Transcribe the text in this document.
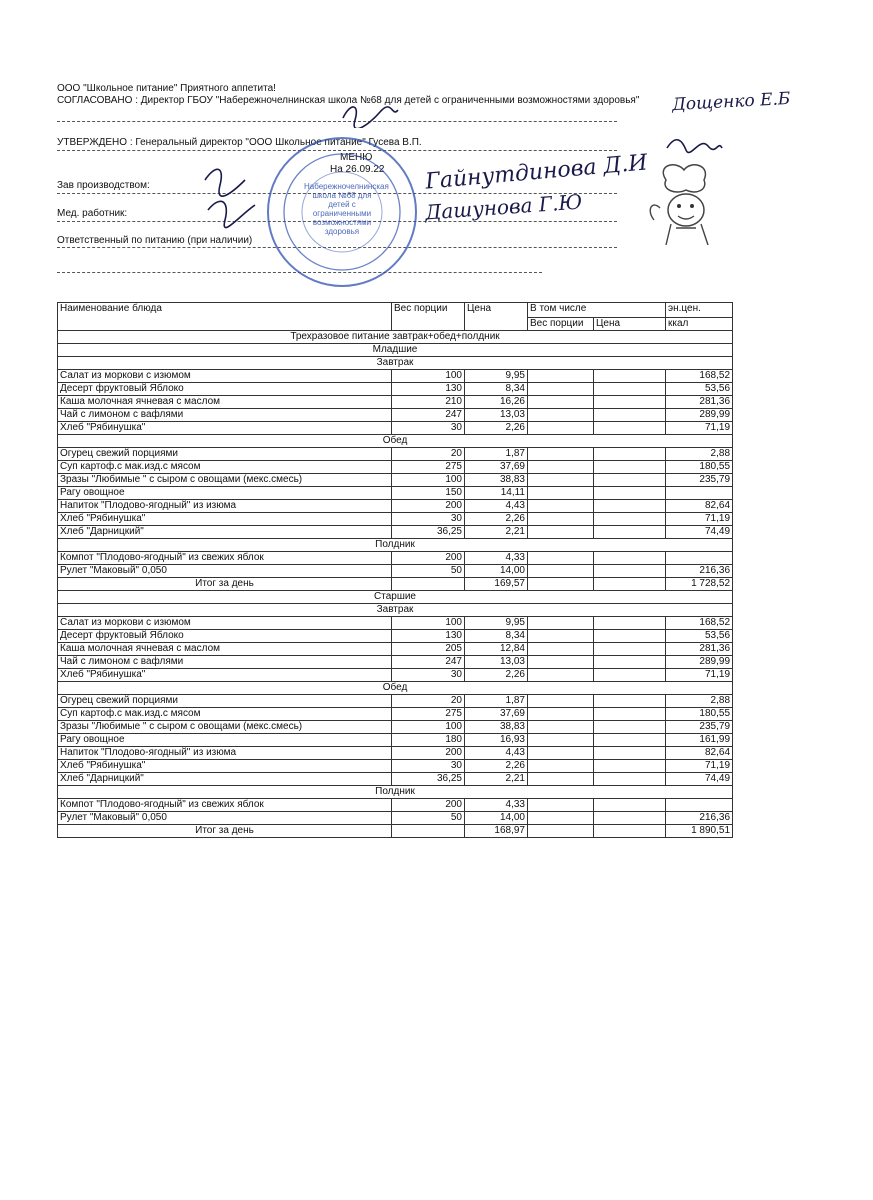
ООО "Школьное питание" Приятного аппетита!
СОГЛАСОВАНО : Директор ГБОУ "Набережночелнинская школа №68 для детей с ограниченными возможностями здоровья"
УТВЕРЖДЕНО : Генеральный директор "ООО Школьное питание" Гусева В.П.
МЕНЮ
На 26.09.22
Зав производством:
Мед. работник:
Ответственный по питанию (при наличии)
Дощенко Е.Б
Гайнутдинова Д.И
Дашунова Г.Ю
Набережночелнинская школа №68 для детей с ограниченными возможностями здоровья
Наименование блюда	Вес порции	Цена	В том числе		эн.цен.
			Вес порции	Цена	ккал
Трехразовое питание завтрак+обед+полдник					
Младшие					
Завтрак					
Салат из моркови с изюмом	100	9,95			168,52
Десерт фруктовый Яблоко	130	8,34			53,56
Каша молочная ячневая с маслом	210	16,26			281,36
Чай с лимоном с вафлями	247	13,03			289,99
Хлеб "Рябинушка"	30	2,26			71,19
Обед					
Огурец свежий порциями	20	1,87			2,88
Суп картоф.с мак.изд.с мясом	275	37,69			180,55
Зразы "Любимые " с сыром с овощами (мекс.смесь)	100	38,83			235,79
Рагу овощное	150	14,11			
Напиток "Плодово-ягодный" из изюма	200	4,43			82,64
Хлеб "Рябинушка"	30	2,26			71,19
Хлеб "Дарницкий"	36,25	2,21			74,49
Полдник					
Компот "Плодово-ягодный" из свежих яблок	200	4,33			
Рулет "Маковый" 0,050	50	14,00			216,36
Итог за день		169,57			1 728,52
Старшие					
Завтрак					
Салат из моркови с изюмом	100	9,95			168,52
Десерт фруктовый Яблоко	130	8,34			53,56
Каша молочная ячневая с маслом	205	12,84			281,36
Чай с лимоном с вафлями	247	13,03			289,99
Хлеб "Рябинушка"	30	2,26			71,19
Обед					
Огурец свежий порциями	20	1,87			2,88
Суп картоф.с мак.изд.с мясом	275	37,69			180,55
Зразы "Любимые " с сыром с овощами (мекс.смесь)	100	38,83			235,79
Рагу овощное	180	16,93			161,99
Напиток "Плодово-ягодный" из изюма	200	4,43			82,64
Хлеб "Рябинушка"	30	2,26			71,19
Хлеб "Дарницкий"	36,25	2,21			74,49
Полдник					
Компот "Плодово-ягодный" из свежих яблок	200	4,33			
Рулет "Маковый" 0,050	50	14,00			216,36
Итог за день		168,97			1 890,51
